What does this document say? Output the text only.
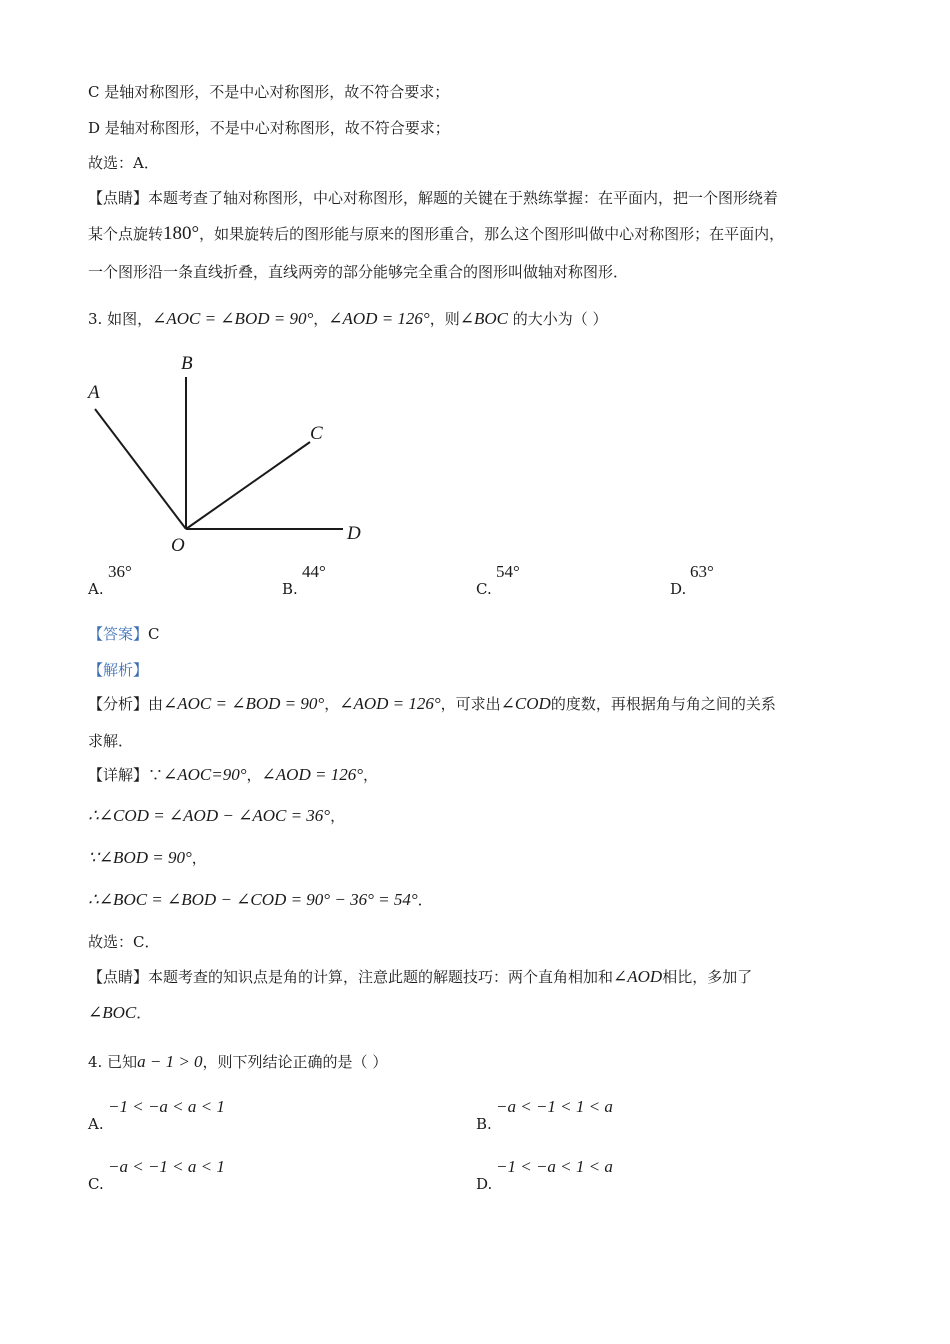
C 是轴对称图形，不是中心对称图形，故不符合要求；
D 是轴对称图形，不是中心对称图形，故不符合要求；
故选：A．
【点睛】本题考查了轴对称图形，中心对称图形，解题的关键在于熟练掌握：在平面内，把一个图形绕着
某个点旋转180°，如果旋转后的图形能与原来的图形重合，那么这个图形叫做中心对称图形；在平面内，
一个图形沿一条直线折叠，直线两旁的部分能够完全重合的图形叫做轴对称图形．
3. 如图，∠AOC = ∠BOD = 90°，∠AOD = 126°，则∠BOC 的大小为（ ）
A
B
C
D
O
A.
36°
B.
44°
C.
54°
D.
63°
【答案】C
【解析】
【分析】由∠AOC = ∠BOD = 90°，∠AOD = 126°，可求出∠COD的度数，再根据角与角之间的关系
求解．
【详解】∵∠AOC=90°，∠AOD = 126°，
∴∠COD = ∠AOD − ∠AOC = 36°，
∵∠BOD = 90°，
∴∠BOC = ∠BOD − ∠COD = 90° − 36° = 54°．
故选：C．
【点睛】本题考查的知识点是角的计算，注意此题的解题技巧：两个直角相加和∠AOD相比，多加了
∠BOC．
4. 已知a − 1 > 0，则下列结论正确的是（ ）
A.
−1 < −a < a < 1
B.
−a < −1 < 1 < a
C.
−a < −1 < a < 1
D.
−1 < −a < 1 < a
